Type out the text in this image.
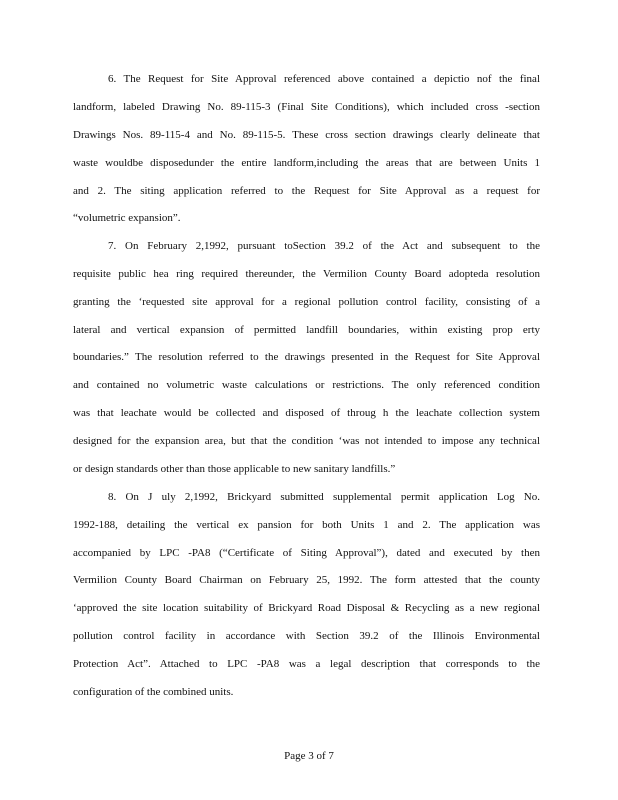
6. The Request for Site Approval referenced above contained a depictio nof the final
landform, labeled Drawing No. 89-115-3 (Final Site Conditions), which included cross -section
Drawings Nos. 89-115-4 and No. 89-115-5. These cross section drawings clearly delineate that
waste wouldbe disposedunder the entire landform,including the areas that are between Units 1
and 2. The siting application referred to the Request for Site Approval as a request for
“volumetric expansion”.
7. On February 2,1992, pursuant toSection 39.2 of the Act and subsequent to the
requisite public hea ring required thereunder, the Vermilion County Board adopteda resolution
granting the ‘requested site approval for a regional pollution control facility, consisting of a
lateral and vertical expansion of permitted landfill boundaries, within existing prop erty
boundaries.” The resolution referred to the drawings presented in the Request for Site Approval
and contained no volumetric waste calculations or restrictions. The only referenced condition
was that leachate would be collected and disposed of throug h the leachate collection system
designed for the expansion area, but that the condition ‘was not intended to impose any technical
or design standards other than those applicable to new sanitary landfills.”
8. On J uly 2,1992, Brickyard submitted supplemental permit application Log No.
1992-188, detailing the vertical ex pansion for both Units 1 and 2. The application was
accompanied by LPC -PA8 (“Certificate of Siting Approval”), dated and executed by then
Vermilion County Board Chairman on February 25, 1992. The form attested that the county
‘approved the site location suitability of Brickyard Road Disposal & Recycling as a new regional
pollution control facility in accordance with Section 39.2 of the Illinois Environmental
Protection Act”. Attached to LPC -PA8 was a legal description that corresponds to the
configuration of the combined units.
Page 3 of 7
